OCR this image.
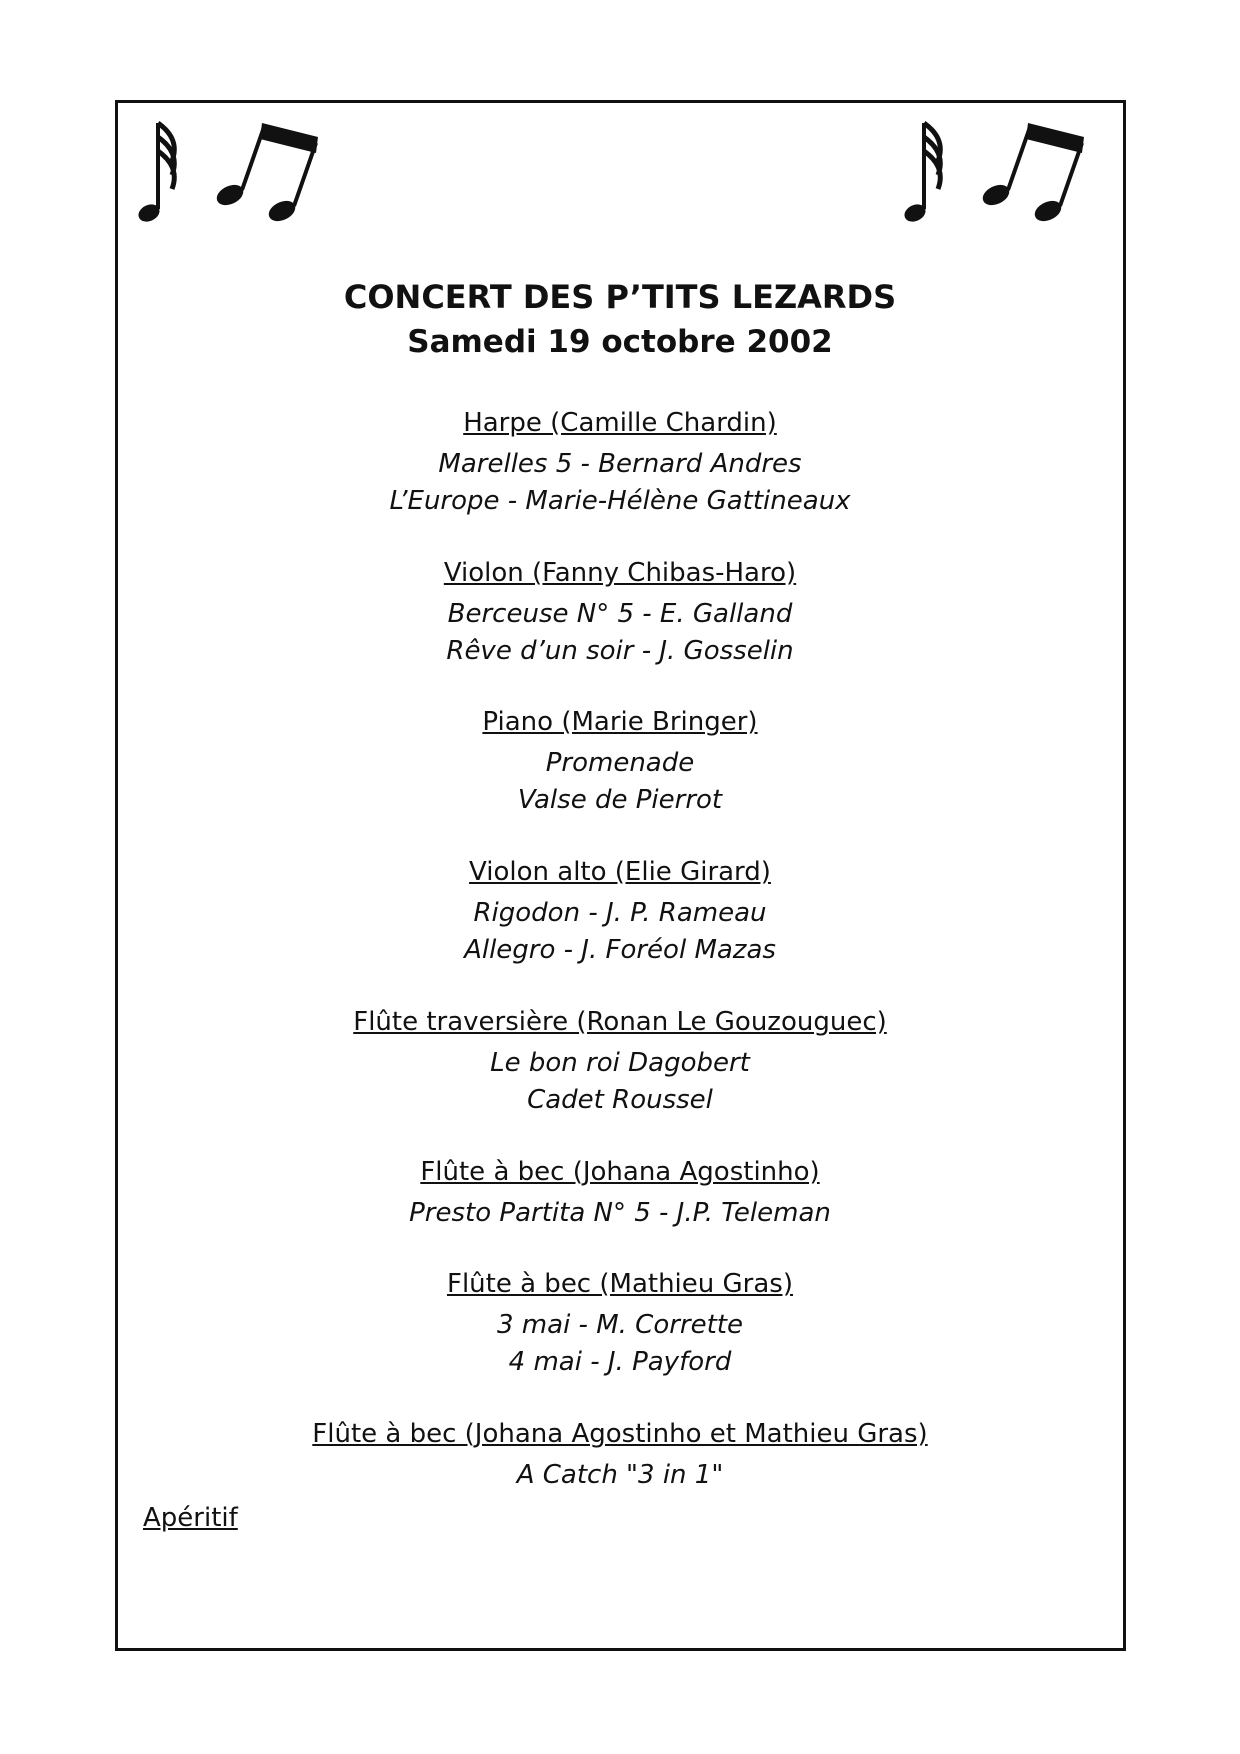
CONCERT DES P’TITS LEZARDS
Samedi 19 octobre 2002
Harpe (Camille Chardin)
Marelles 5 - Bernard Andres
L’Europe - Marie-Hélène Gattineaux
Violon (Fanny Chibas-Haro)
Berceuse N° 5 - E. Galland
Rêve d’un soir - J. Gosselin
Piano (Marie Bringer)
Promenade
Valse de Pierrot
Violon alto (Elie Girard)
Rigodon - J. P. Rameau
Allegro - J. Foréol Mazas
Flûte traversière (Ronan Le Gouzouguec)
Le bon roi Dagobert
Cadet Roussel
Flûte à bec (Johana Agostinho)
Presto Partita N° 5 - J.P. Teleman
Flûte à bec (Mathieu Gras)
3 mai - M. Corrette
4 mai - J. Payford
Flûte à bec (Johana Agostinho et Mathieu Gras)
A Catch "3 in 1"
Apéritif
